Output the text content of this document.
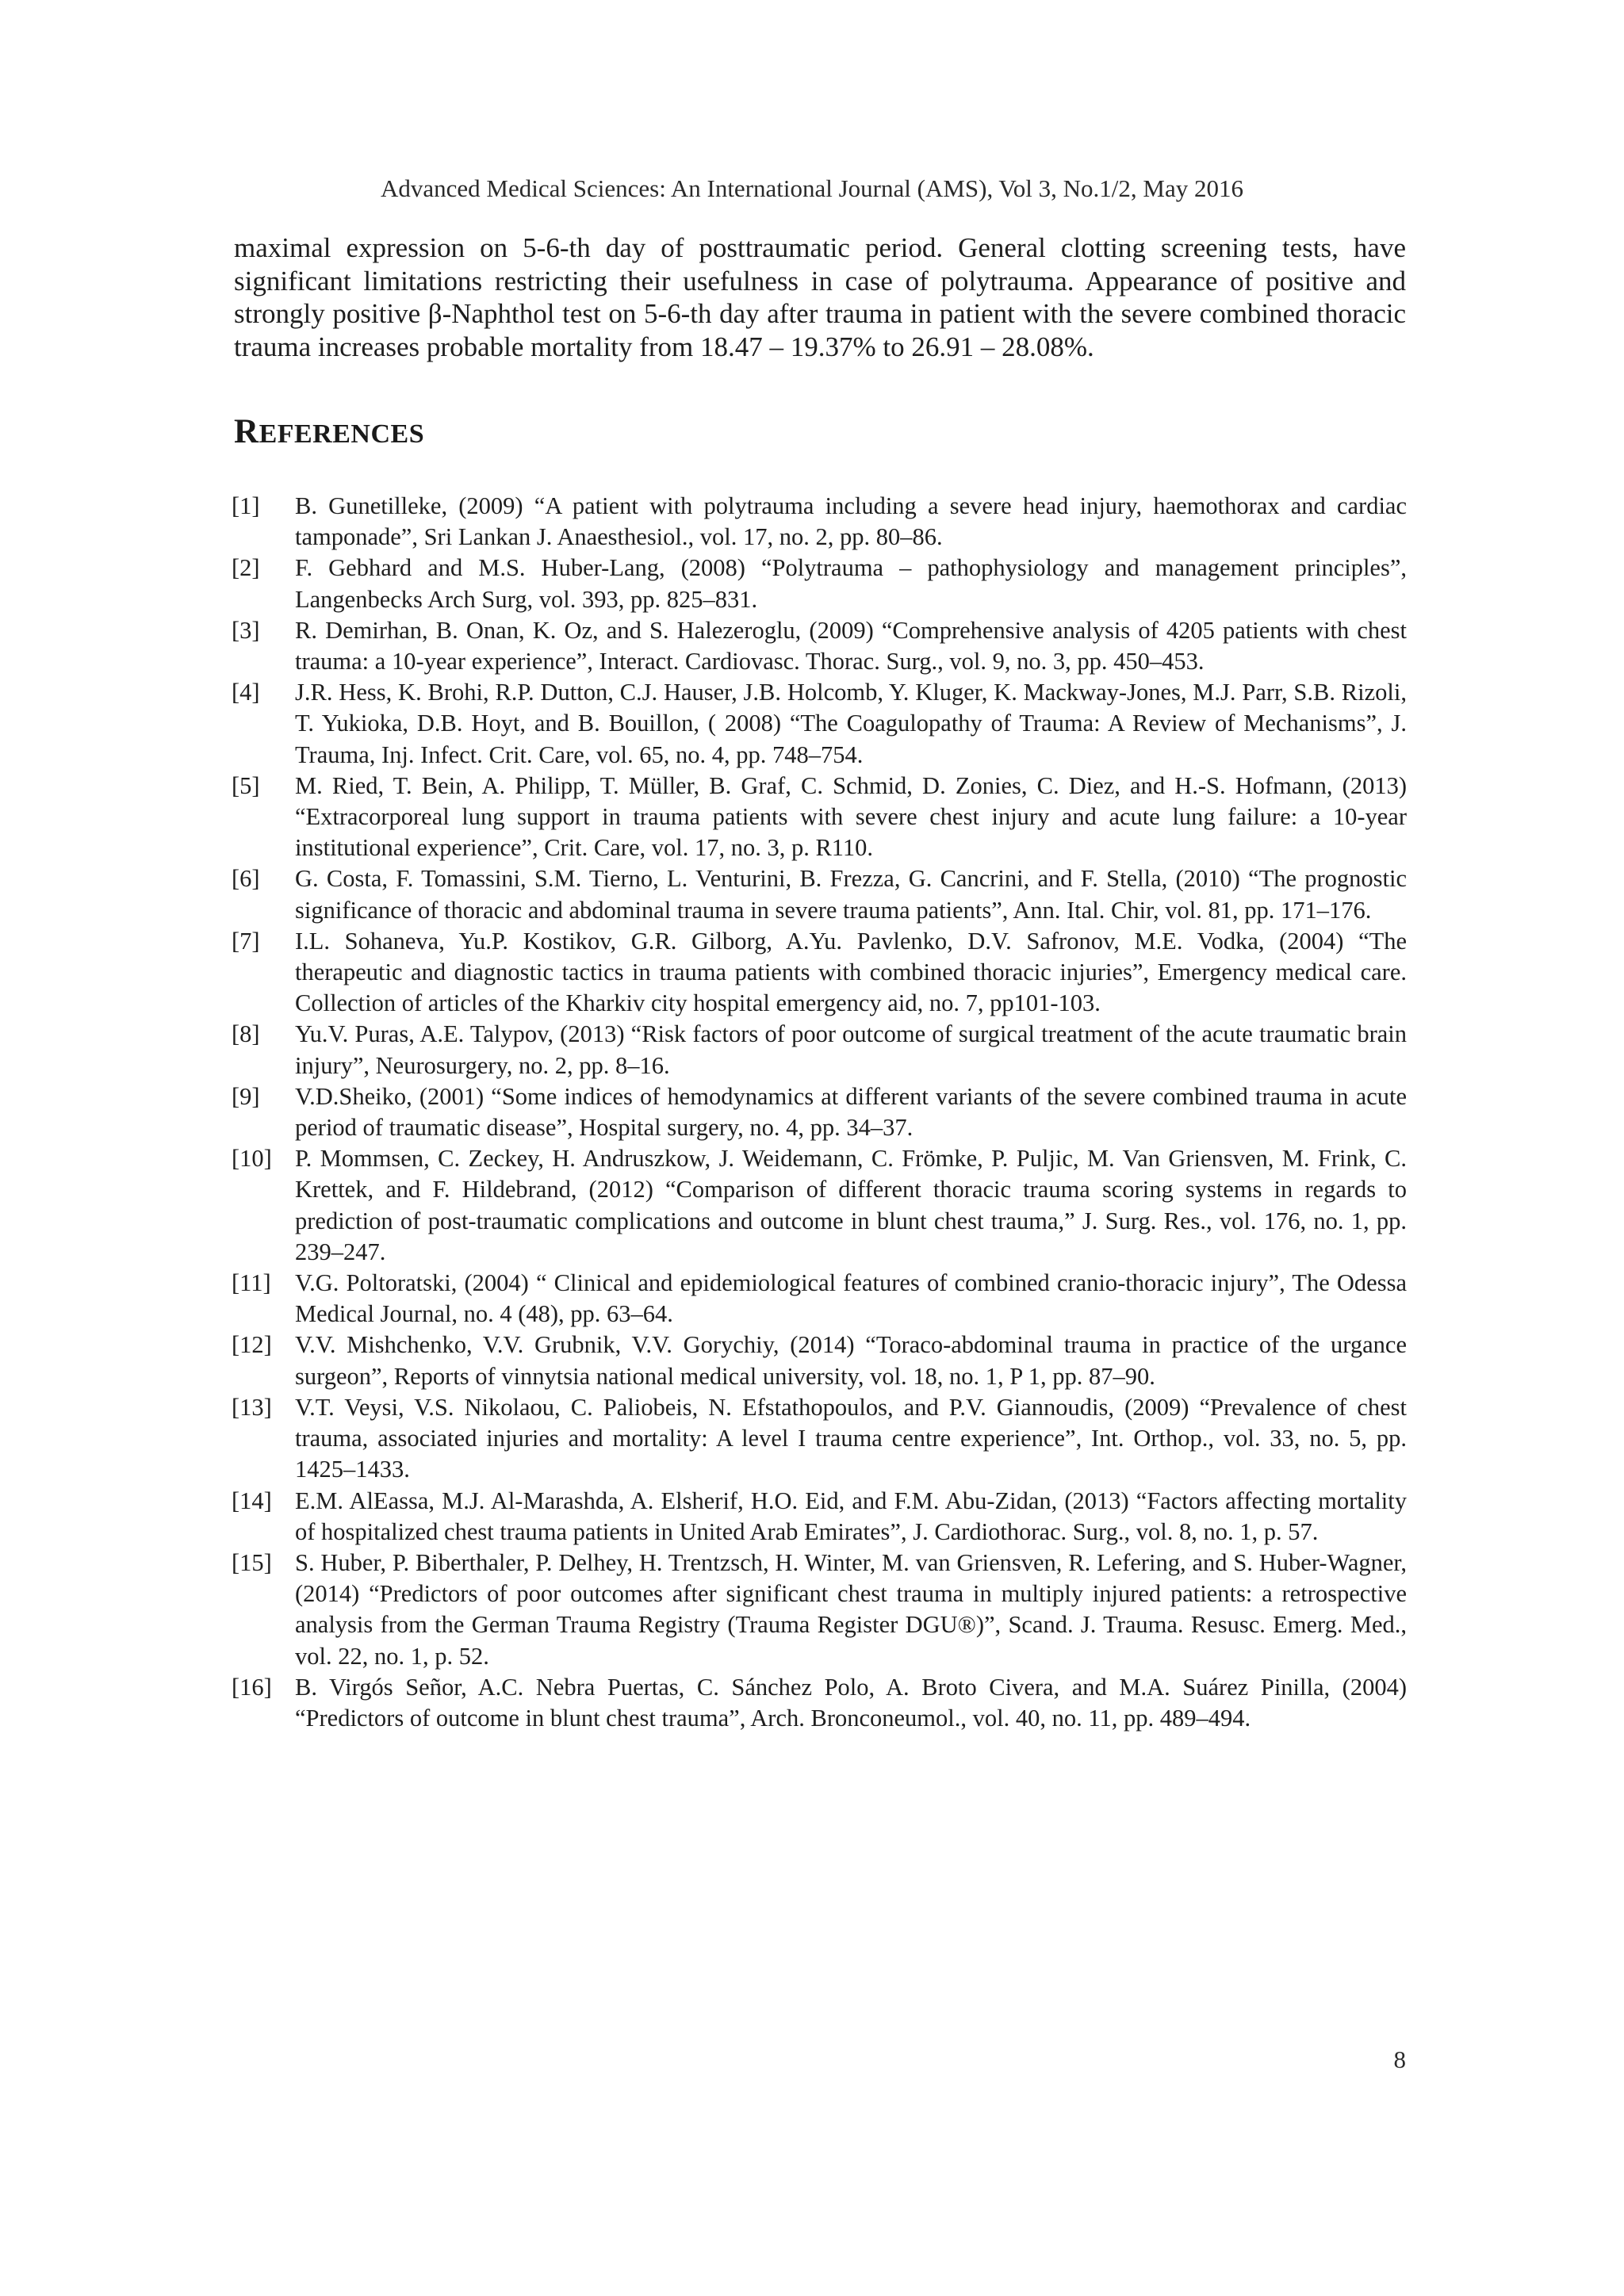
Advanced Medical Sciences: An International Journal (AMS), Vol 3, No.1/2, May 2016

maximal expression on 5-6-th day of posttraumatic period. General clotting screening tests, have significant limitations restricting their usefulness in case of polytrauma. Appearance of positive and strongly positive β-Naphthol test on 5-6-th day after trauma in patient with the severe combined thoracic trauma increases probable mortality from 18.47 – 19.37% to 26.91 – 28.08%.

REFERENCES
[1]	B. Gunetilleke, (2009) “A patient with polytrauma including a severe head injury, haemothorax and cardiac tamponade”, Sri Lankan J. Anaesthesiol., vol. 17, no. 2, pp. 80–86.
[2]	F. Gebhard and M.S. Huber-Lang, (2008) “Polytrauma – pathophysiology and management principles”, Langenbecks Arch Surg, vol. 393, pp. 825–831.
[3]	R. Demirhan, B. Onan, K. Oz, and S. Halezeroglu, (2009) “Comprehensive analysis of 4205 patients with chest trauma: a 10-year experience”, Interact. Cardiovasc. Thorac. Surg., vol. 9, no. 3, pp. 450–453.
[4]	J.R. Hess, K. Brohi, R.P. Dutton, C.J. Hauser, J.B. Holcomb, Y. Kluger, K. Mackway-Jones, M.J. Parr, S.B. Rizoli, T. Yukioka, D.B. Hoyt, and B. Bouillon, ( 2008) “The Coagulopathy of Trauma: A Review of Mechanisms”, J. Trauma, Inj. Infect. Crit. Care, vol. 65, no. 4, pp. 748–754.
[5]	M. Ried, T. Bein, A. Philipp, T. Müller, B. Graf, C. Schmid, D. Zonies, C. Diez, and H.-S. Hofmann, (2013) “Extracorporeal lung support in trauma patients with severe chest injury and acute lung failure: a 10-year institutional experience”, Crit. Care, vol. 17, no. 3, p. R110.
[6]	G. Costa, F. Tomassini, S.M. Tierno, L. Venturini, B. Frezza, G. Cancrini, and F. Stella, (2010) “The prognostic significance of thoracic and abdominal trauma in severe trauma patients”, Ann. Ital. Chir, vol. 81, pp. 171–176.
[7]	I.L. Sohaneva, Yu.P. Kostikov, G.R. Gilborg, A.Yu. Pavlenko, D.V. Safronov, M.E. Vodka, (2004) “The therapeutic and diagnostic tactics in trauma patients with combined thoracic injuries”, Emergency medical care. Collection of articles of the Kharkiv city hospital emergency aid, no. 7, pp101-103.
[8]	Yu.V. Puras, A.E. Talypov, (2013) “Risk factors of poor outcome of surgical treatment of the acute traumatic brain injury”, Neurosurgery, no. 2, pp. 8–16.
[9]	V.D.Sheiko, (2001) “Some indices of hemodynamics at different variants of the severe combined trauma in acute period of traumatic disease”, Hospital surgery, no. 4, pp. 34–37.
[10] P. Mommsen, C. Zeckey, H. Andruszkow, J. Weidemann, C. Frömke, P. Puljic, M. Van Griensven, M. Frink, C. Krettek, and F. Hildebrand, (2012) “Comparison of different thoracic trauma scoring systems in regards to prediction of post-traumatic complications and outcome in blunt chest trauma,” J. Surg. Res., vol. 176, no. 1, pp. 239–247.
[11] V.G. Poltoratski, (2004) “ Clinical and epidemiological features of combined cranio-thoracic injury”, The Odessa Medical Journal, no. 4 (48), pp. 63–64.
[12] V.V. Mishchenko, V.V. Grubnik, V.V. Gorychiy, (2014) “Toraco-abdominal trauma in practice of the urgance surgeon”, Reports of vinnytsia national medical university, vol. 18, no. 1, P 1, pp. 87–90.
[13] V.T. Veysi, V.S. Nikolaou, C. Paliobeis, N. Efstathopoulos, and P.V. Giannoudis, (2009) “Prevalence of chest trauma, associated injuries and mortality: A level I trauma centre experience”, Int. Orthop., vol. 33, no. 5, pp. 1425–1433.
[14] E.M. AlEassa, M.J. Al-Marashda, A. Elsherif, H.O. Eid, and F.M. Abu-Zidan, (2013) “Factors affecting mortality of hospitalized chest trauma patients in United Arab Emirates”, J. Cardiothorac. Surg., vol. 8, no. 1, p. 57.
[15] S. Huber, P. Biberthaler, P. Delhey, H. Trentzsch, H. Winter, M. van Griensven, R. Lefering, and S. Huber-Wagner, (2014) “Predictors of poor outcomes after significant chest trauma in multiply injured patients: a retrospective analysis from the German Trauma Registry (Trauma Register DGU®)”, Scand. J. Trauma. Resusc. Emerg. Med., vol. 22, no. 1, p. 52.
[16] B. Virgós Señor, A.C. Nebra Puertas, C. Sánchez Polo, A. Broto Civera, and M.A. Suárez Pinilla, (2004) “Predictors of outcome in blunt chest trauma”, Arch. Bronconeumol., vol. 40, no. 11, pp. 489–494.
8
